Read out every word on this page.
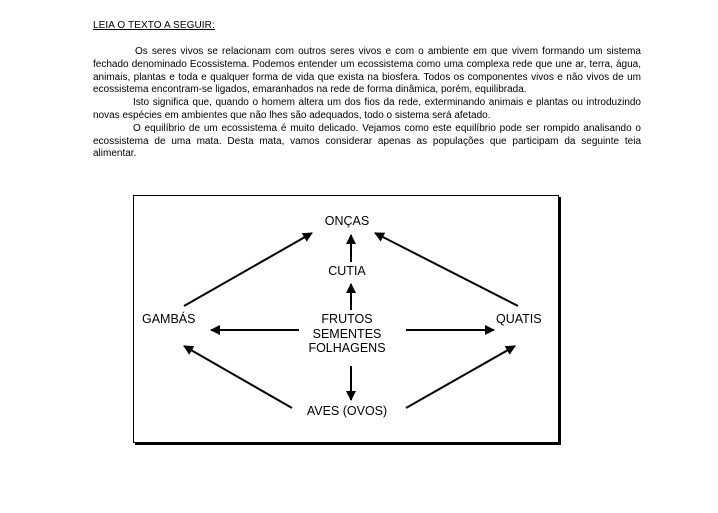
LEIA O TEXTO A SEGUIR:

Os seres vivos se relacionam com outros seres vivos e com o ambiente em que vivem formando um sistema fechado denominado Ecossistema. Podemos entender um ecossistema como uma complexa rede que une ar, terra, água, animais, plantas e toda e qualquer forma de vida que exista na biosfera. Todos os componentes vivos e não vivos de um ecossistema encontram-se ligados, emaranhados na rede de forma dinâmica, porém, equilibrada.

Isto significa que, quando o homem altera um dos fios da rede, exterminando animais e plantas ou introduzindo novas espécies em ambientes que não lhes são adequados, todo o sistema será afetado.

O equilíbrio de um ecossistema é muito delicado. Vejamos como este equilíbrio pode ser rompido analisando o ecossistema de uma mata. Desta mata, vamos considerar apenas as populações que participam da seguinte teia alimentar.

ONÇAS
CUTIA
GAMBÁS	QUATIS
FRUTOS
SEMENTES
FOLHAGENS
AVES (OVOS)
